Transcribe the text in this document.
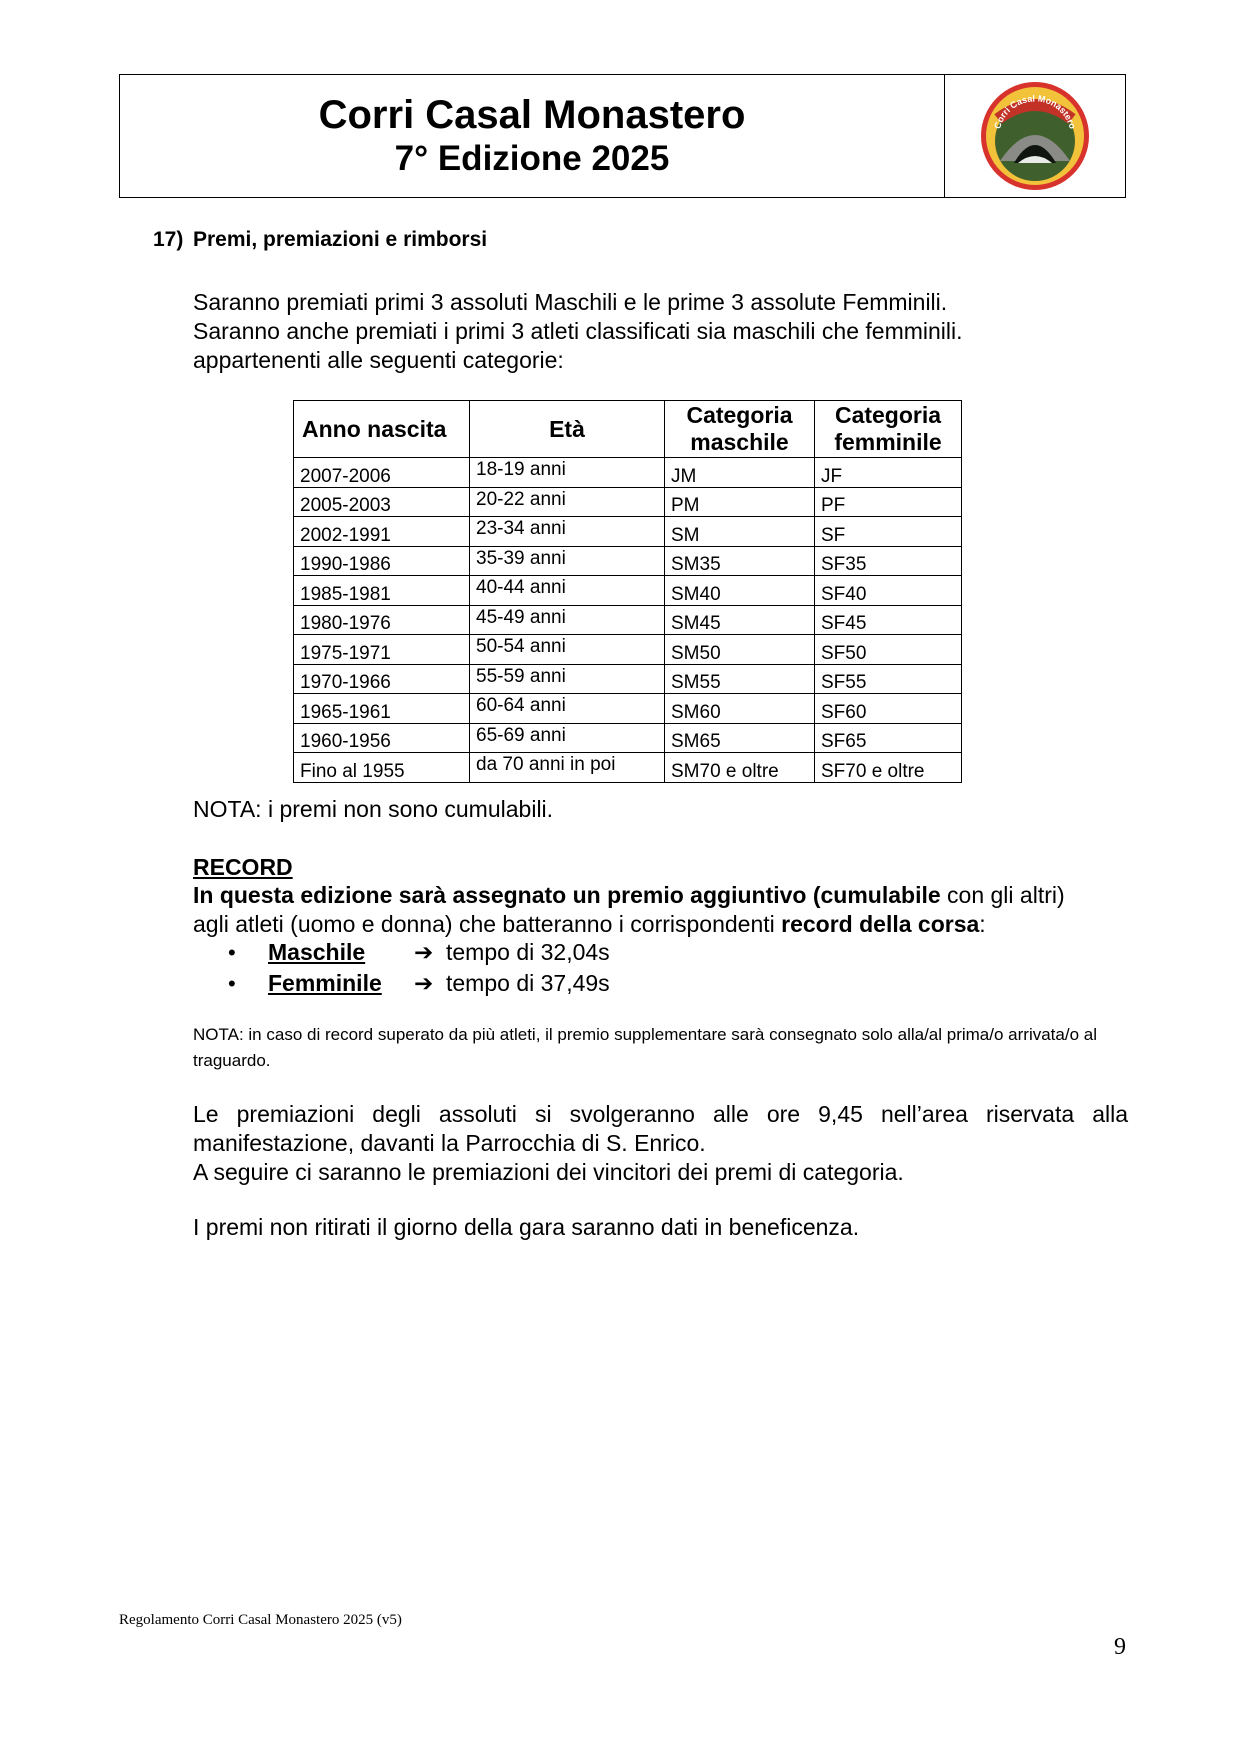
Corri Casal Monastero
7° Edizione 2025
Corri Casal Monastero
17) Premi, premiazioni e rimborsi
Saranno premiati primi 3 assoluti Maschili e le prime 3 assolute Femminili.
Saranno anche premiati i primi 3 atleti classificati sia maschili che femminili.
appartenenti alle seguenti categorie:
Anno nascita	Età	Categoria maschile	Categoria femminile
2007-2006	18-19 anni	JM	JF
2005-2003	20-22 anni	PM	PF
2002-1991	23-34 anni	SM	SF
1990-1986	35-39 anni	SM35	SF35
1985-1981	40-44 anni	SM40	SF40
1980-1976	45-49 anni	SM45	SF45
1975-1971	50-54 anni	SM50	SF50
1970-1966	55-59 anni	SM55	SF55
1965-1961	60-64 anni	SM60	SF60
1960-1956	65-69 anni	SM65	SF65
Fino al 1955	da 70 anni in poi	SM70 e oltre	SF70 e oltre
NOTA: i premi non sono cumulabili.
RECORD
In questa edizione sarà assegnato un premio aggiuntivo (cumulabile con gli altri)
agli atleti (uomo e donna) che batteranno i corrispondenti record della corsa:
•	Maschile	➔ tempo di 32,04s
•	Femminile	➔ tempo di 37,49s
NOTA: in caso di record superato da più atleti, il premio supplementare sarà consegnato solo alla/al prima/o arrivata/o al traguardo.
Le premiazioni degli assoluti si svolgeranno alle ore 9,45 nell’area riservata alla
manifestazione, davanti la Parrocchia di S. Enrico.
A seguire ci saranno le premiazioni dei vincitori dei premi di categoria.
I premi non ritirati il giorno della gara saranno dati in beneficenza.
Regolamento Corri Casal Monastero 2025 (v5)
9
